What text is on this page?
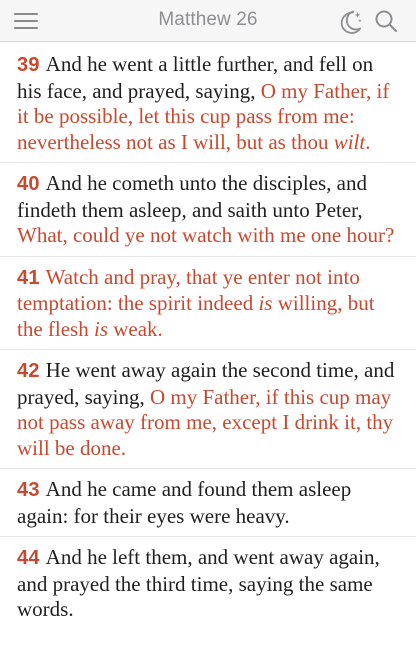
Matthew 26

39 And he went a little further, and fell on his face, and prayed, saying, O my Father, if it be possible, let this cup pass from me: nevertheless not as I will, but as thou wilt.

40 And he cometh unto the disciples, and findeth them asleep, and saith unto Peter, What, could ye not watch with me one hour?

41 Watch and pray, that ye enter not into temptation: the spirit indeed is willing, but the flesh is weak.

42 He went away again the second time, and prayed, saying, O my Father, if this cup may not pass away from me, except I drink it, thy will be done.

43 And he came and found them asleep again: for their eyes were heavy.

44 And he left them, and went away again, and prayed the third time, saying the same words.
